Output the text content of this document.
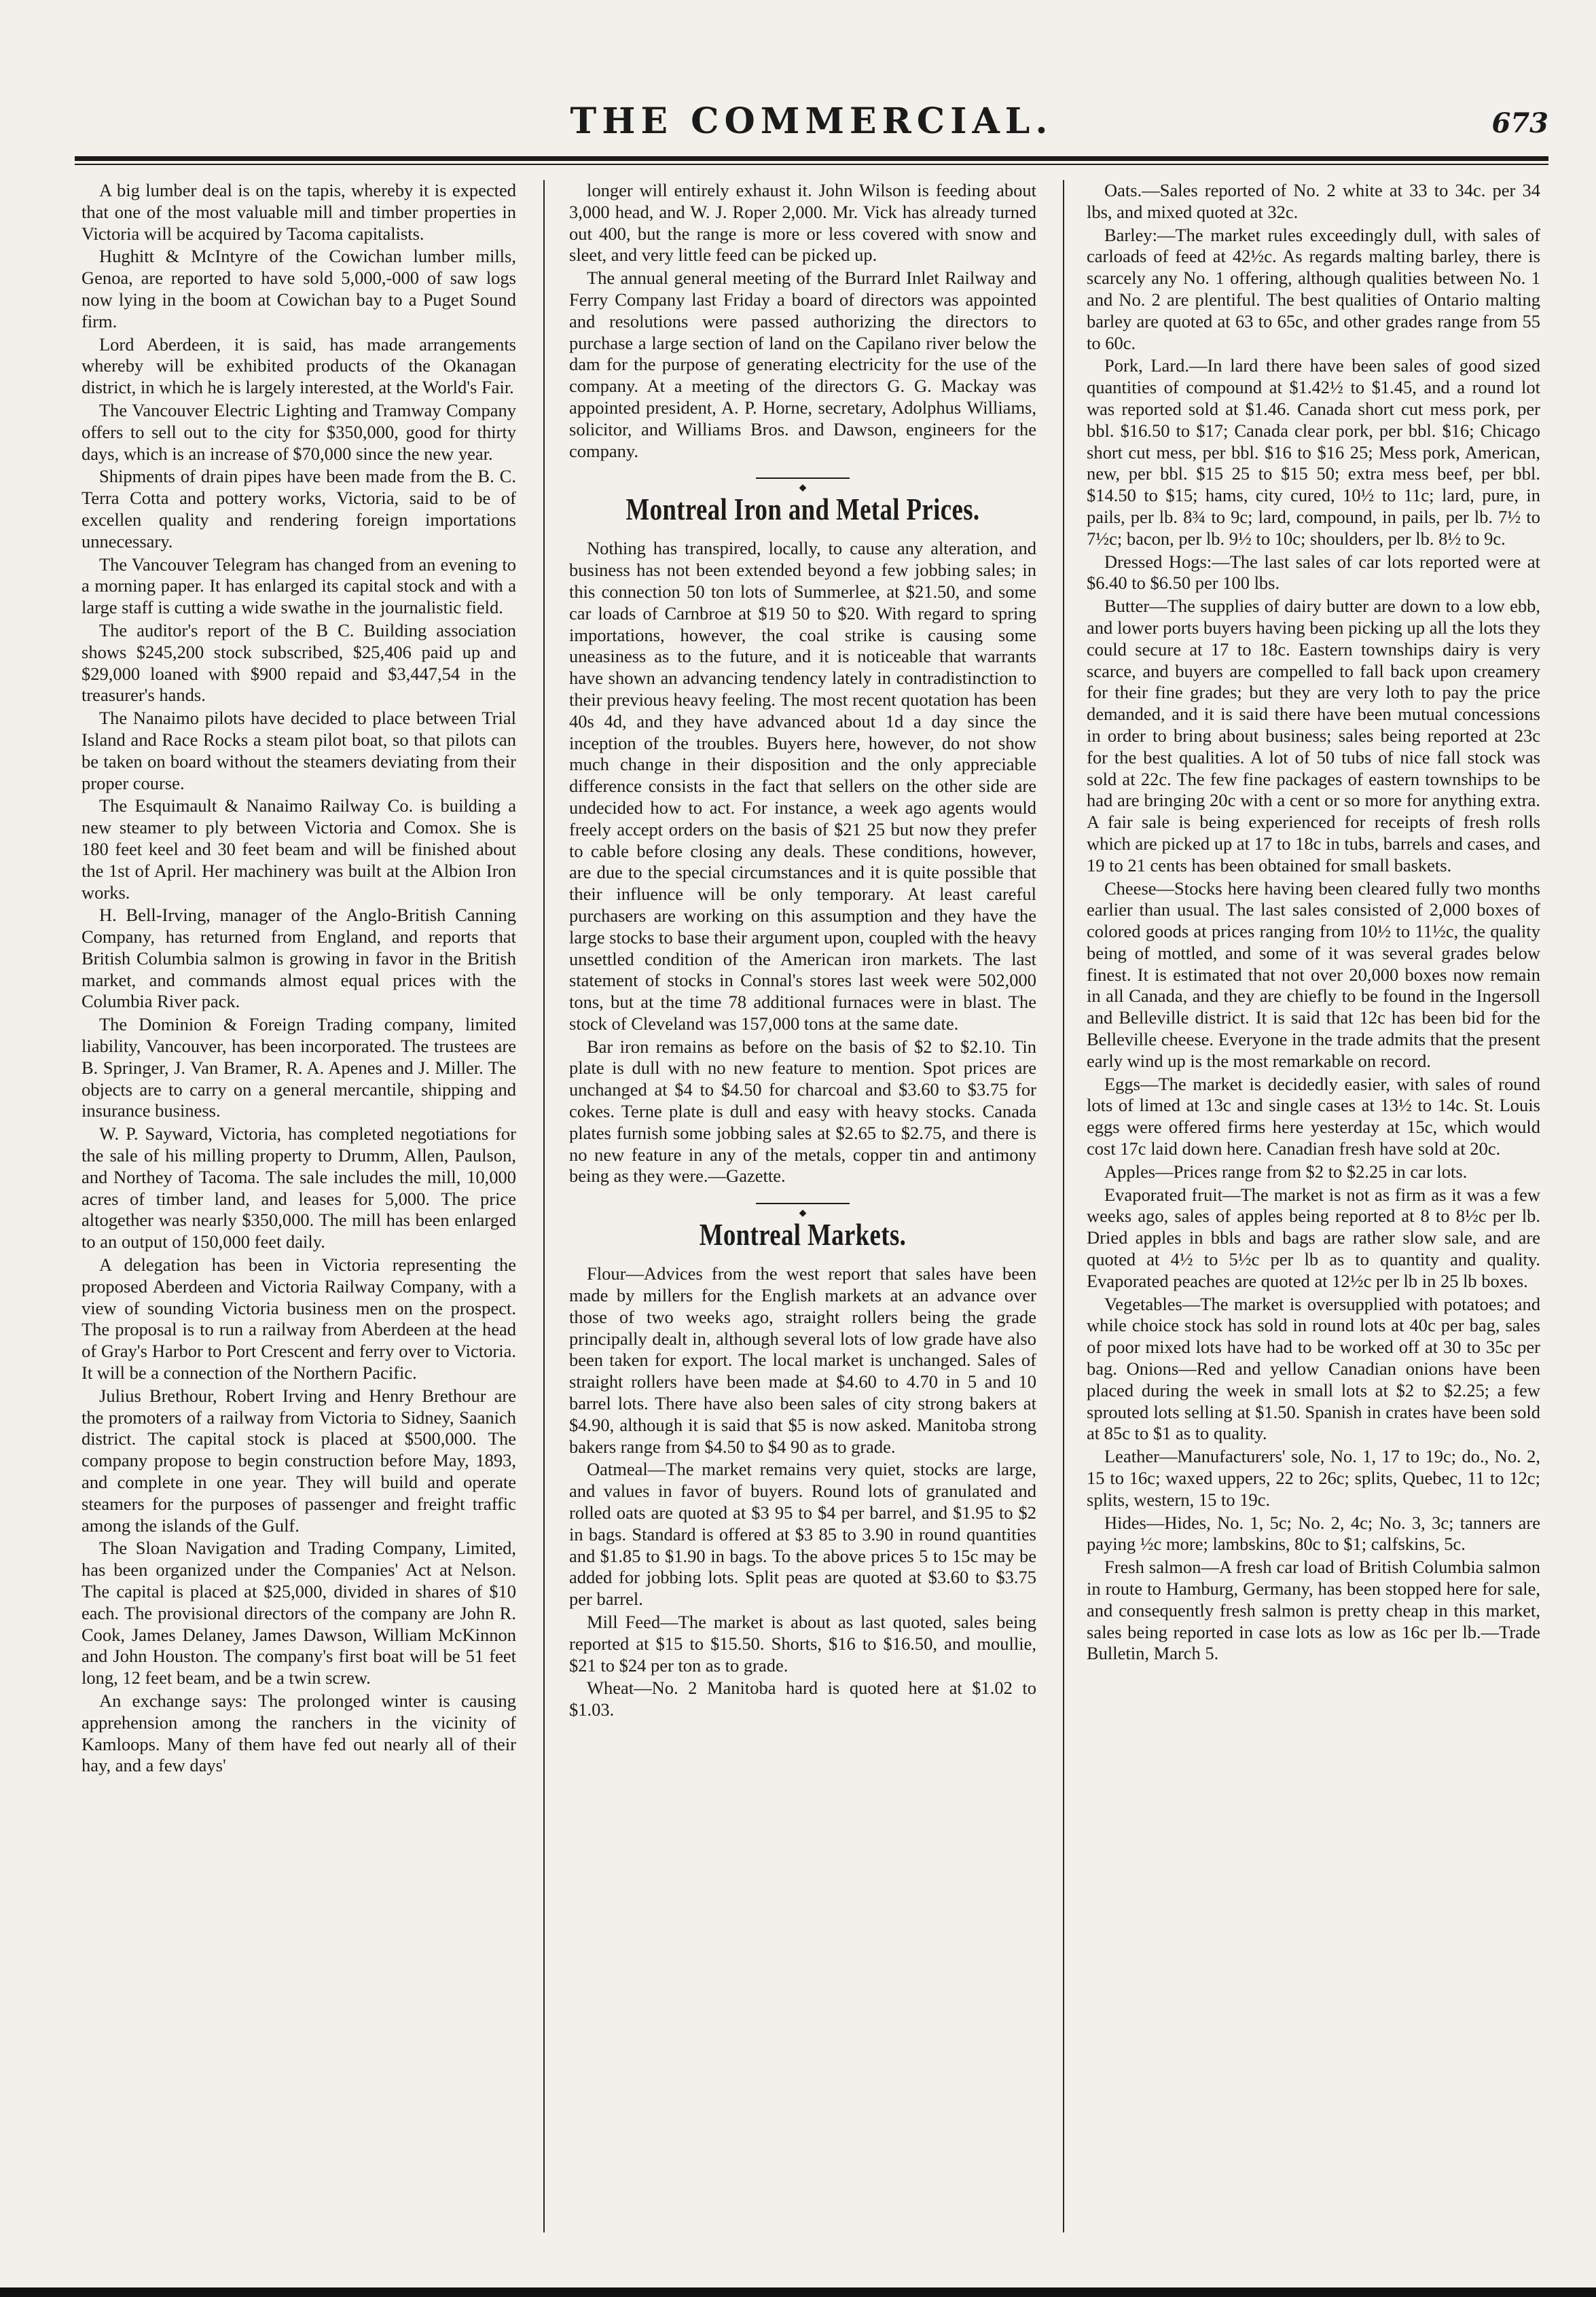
THE COMMERCIAL.	673

A big lumber deal is on the tapis, whereby it is expected that one of the most valuable mill and timber properties in Victoria will be acquired by Tacoma capitalists.

Hughitt & McIntyre of the Cowichan lumber mills, Genoa, are reported to have sold 5,000,-000 of saw logs now lying in the boom at Cowichan bay to a Puget Sound firm.

Lord Aberdeen, it is said, has made arrangements whereby will be exhibited products of the Okanagan district, in which he is largely interested, at the World's Fair.

The Vancouver Electric Lighting and Tramway Company offers to sell out to the city for $350,000, good for thirty days, which is an increase of $70,000 since the new year.

Shipments of drain pipes have been made from the B. C. Terra Cotta and pottery works, Victoria, said to be of excellen quality and rendering foreign importations unnecessary.

The Vancouver Telegram has changed from an evening to a morning paper. It has enlarged its capital stock and with a large staff is cutting a wide swathe in the journalistic field.

The auditor's report of the B C. Building association shows $245,200 stock subscribed, $25,406 paid up and $29,000 loaned with $900 repaid and $3,447,54 in the treasurer's hands.

The Nanaimo pilots have decided to place between Trial Island and Race Rocks a steam pilot boat, so that pilots can be taken on board without the steamers deviating from their proper course.

The Esquimault & Nanaimo Railway Co. is building a new steamer to ply between Victoria and Comox. She is 180 feet keel and 30 feet beam and will be finished about the 1st of April. Her machinery was built at the Albion Iron works.

H. Bell-Irving, manager of the Anglo-British Canning Company, has returned from England, and reports that British Columbia salmon is growing in favor in the British market, and commands almost equal prices with the Columbia River pack.

The Dominion & Foreign Trading company, limited liability, Vancouver, has been incorporated. The trustees are B. Springer, J. Van Bramer, R. A. Apenes and J. Miller. The objects are to carry on a general mercantile, shipping and insurance business.

W. P. Sayward, Victoria, has completed negotiations for the sale of his milling property to Drumm, Allen, Paulson, and Northey of Tacoma. The sale includes the mill, 10,000 acres of timber land, and leases for 5,000. The price altogether was nearly $350,000. The mill has been enlarged to an output of 150,000 feet daily.

A delegation has been in Victoria representing the proposed Aberdeen and Victoria Railway Company, with a view of sounding Victoria business men on the prospect. The proposal is to run a railway from Aberdeen at the head of Gray's Harbor to Port Crescent and ferry over to Victoria. It will be a connection of the Northern Pacific.

Julius Brethour, Robert Irving and Henry Brethour are the promoters of a railway from Victoria to Sidney, Saanich district. The capital stock is placed at $500,000. The company propose to begin construction before May, 1893, and complete in one year. They will build and operate steamers for the purposes of passenger and freight traffic among the islands of the Gulf.

The Sloan Navigation and Trading Company, Limited, has been organized under the Companies' Act at Nelson. The capital is placed at $25,000, divided in shares of $10 each. The provisional directors of the company are John R. Cook, James Delaney, James Dawson, William McKinnon and John Houston. The company's first boat will be 51 feet long, 12 feet beam, and be a twin screw.

An exchange says: The prolonged winter is causing apprehension among the ranchers in the vicinity of Kamloops. Many of them have fed out nearly all of their hay, and a few days'

longer will entirely exhaust it. John Wilson is feeding about 3,000 head, and W. J. Roper 2,000. Mr. Vick has already turned out 400, but the range is more or less covered with snow and sleet, and very little feed can be picked up.

The annual general meeting of the Burrard Inlet Railway and Ferry Company last Friday a board of directors was appointed and resolutions were passed authorizing the directors to purchase a large section of land on the Capilano river below the dam for the purpose of generating electricity for the use of the company. At a meeting of the directors G. G. Mackay was appointed president, A. P. Horne, secretary, Adolphus Williams, solicitor, and Williams Bros. and Dawson, engineers for the company.

◆
Montreal Iron and Metal Prices.

Nothing has transpired, locally, to cause any alteration, and business has not been extended beyond a few jobbing sales; in this connection 50 ton lots of Summerlee, at $21.50, and some car loads of Carnbroe at $19 50 to $20. With regard to spring importations, however, the coal strike is causing some uneasiness as to the future, and it is noticeable that warrants have shown an advancing tendency lately in contradistinction to their previous heavy feeling. The most recent quotation has been 40s 4d, and they have advanced about 1d a day since the inception of the troubles. Buyers here, however, do not show much change in their disposition and the only appreciable difference consists in the fact that sellers on the other side are undecided how to act. For instance, a week ago agents would freely accept orders on the basis of $21 25 but now they prefer to cable before closing any deals. These conditions, however, are due to the special circumstances and it is quite possible that their influence will be only temporary. At least careful purchasers are working on this assumption and they have the large stocks to base their argument upon, coupled with the heavy unsettled condition of the American iron markets. The last statement of stocks in Connal's stores last week were 502,000 tons, but at the time 78 additional furnaces were in blast. The stock of Cleveland was 157,000 tons at the same date.

Bar iron remains as before on the basis of $2 to $2.10. Tin plate is dull with no new feature to mention. Spot prices are unchanged at $4 to $4.50 for charcoal and $3.60 to $3.75 for cokes. Terne plate is dull and easy with heavy stocks. Canada plates furnish some jobbing sales at $2.65 to $2.75, and there is no new feature in any of the metals, copper tin and antimony being as they were.—Gazette.

◆
Montreal Markets.

Flour—Advices from the west report that sales have been made by millers for the English markets at an advance over those of two weeks ago, straight rollers being the grade principally dealt in, although several lots of low grade have also been taken for export. The local market is unchanged. Sales of straight rollers have been made at $4.60 to 4.70 in 5 and 10 barrel lots. There have also been sales of city strong bakers at $4.90, although it is said that $5 is now asked. Manitoba strong bakers range from $4.50 to $4 90 as to grade.

Oatmeal—The market remains very quiet, stocks are large, and values in favor of buyers. Round lots of granulated and rolled oats are quoted at $3 95 to $4 per barrel, and $1.95 to $2 in bags. Standard is offered at $3 85 to 3.90 in round quantities and $1.85 to $1.90 in bags. To the above prices 5 to 15c may be added for jobbing lots. Split peas are quoted at $3.60 to $3.75 per barrel.

Mill Feed—The market is about as last quoted, sales being reported at $15 to $15.50. Shorts, $16 to $16.50, and moullie, $21 to $24 per ton as to grade.

Wheat—No. 2 Manitoba hard is quoted here at $1.02 to $1.03.

Oats.—Sales reported of No. 2 white at 33 to 34c. per 34 lbs, and mixed quoted at 32c.

Barley:—The market rules exceedingly dull, with sales of carloads of feed at 42½c. As regards malting barley, there is scarcely any No. 1 offering, although qualities between No. 1 and No. 2 are plentiful. The best qualities of Ontario malting barley are quoted at 63 to 65c, and other grades range from 55 to 60c.

Pork, Lard.—In lard there have been sales of good sized quantities of compound at $1.42½ to $1.45, and a round lot was reported sold at $1.46. Canada short cut mess pork, per bbl. $16.50 to $17; Canada clear pork, per bbl. $16; Chicago short cut mess, per bbl. $16 to $16 25; Mess pork, American, new, per bbl. $15 25 to $15 50; extra mess beef, per bbl. $14.50 to $15; hams, city cured, 10½ to 11c; lard, pure, in pails, per lb. 8¾ to 9c; lard, compound, in pails, per lb. 7½ to 7½c; bacon, per lb. 9½ to 10c; shoulders, per lb. 8½ to 9c.

Dressed Hogs:—The last sales of car lots reported were at $6.40 to $6.50 per 100 lbs.

Butter—The supplies of dairy butter are down to a low ebb, and lower ports buyers having been picking up all the lots they could secure at 17 to 18c. Eastern townships dairy is very scarce, and buyers are compelled to fall back upon creamery for their fine grades; but they are very loth to pay the price demanded, and it is said there have been mutual concessions in order to bring about business; sales being reported at 23c for the best qualities. A lot of 50 tubs of nice fall stock was sold at 22c. The few fine packages of eastern townships to be had are bringing 20c with a cent or so more for anything extra. A fair sale is being experienced for receipts of fresh rolls which are picked up at 17 to 18c in tubs, barrels and cases, and 19 to 21 cents has been obtained for small baskets.

Cheese—Stocks here having been cleared fully two months earlier than usual. The last sales consisted of 2,000 boxes of colored goods at prices ranging from 10½ to 11½c, the quality being of mottled, and some of it was several grades below finest. It is estimated that not over 20,000 boxes now remain in all Canada, and they are chiefly to be found in the Ingersoll and Belleville district. It is said that 12c has been bid for the Belleville cheese. Everyone in the trade admits that the present early wind up is the most remarkable on record.

Eggs—The market is decidedly easier, with sales of round lots of limed at 13c and single cases at 13½ to 14c. St. Louis eggs were offered firms here yesterday at 15c, which would cost 17c laid down here. Canadian fresh have sold at 20c.

Apples—Prices range from $2 to $2.25 in car lots.

Evaporated fruit—The market is not as firm as it was a few weeks ago, sales of apples being reported at 8 to 8½c per lb. Dried apples in bbls and bags are rather slow sale, and are quoted at 4½ to 5½c per lb as to quantity and quality. Evaporated peaches are quoted at 12½c per lb in 25 lb boxes.

Vegetables—The market is oversupplied with potatoes; and while choice stock has sold in round lots at 40c per bag, sales of poor mixed lots have had to be worked off at 30 to 35c per bag. Onions—Red and yellow Canadian onions have been placed during the week in small lots at $2 to $2.25; a few sprouted lots selling at $1.50. Spanish in crates have been sold at 85c to $1 as to quality.

Leather—Manufacturers' sole, No. 1, 17 to 19c; do., No. 2, 15 to 16c; waxed uppers, 22 to 26c; splits, Quebec, 11 to 12c; splits, western, 15 to 19c.

Hides—Hides, No. 1, 5c; No. 2, 4c; No. 3, 3c; tanners are paying ½c more; lambskins, 80c to $1; calfskins, 5c.

Fresh salmon—A fresh car load of British Columbia salmon in route to Hamburg, Germany, has been stopped here for sale, and consequently fresh salmon is pretty cheap in this market, sales being reported in case lots as low as 16c per lb.—Trade Bulletin, March 5.
